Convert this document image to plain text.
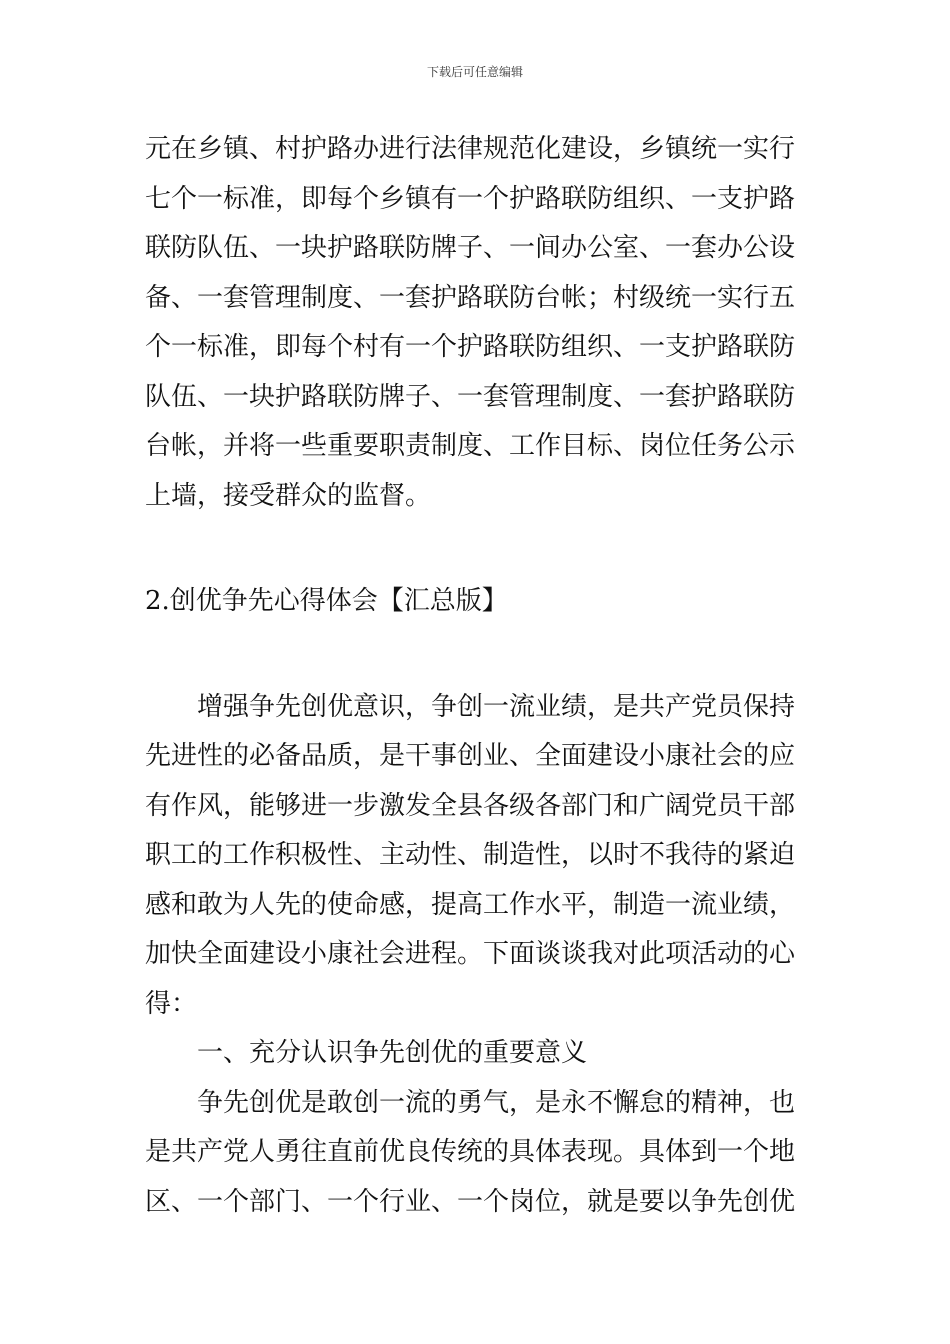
下载后可任意编辑
元在乡镇、村护路办进行法律规范化建设，乡镇统一实行
七个一标准，即每个乡镇有一个护路联防组织、一支护路
联防队伍、一块护路联防牌子、一间办公室、一套办公设
备、一套管理制度、一套护路联防台帐；村级统一实行五
个一标准，即每个村有一个护路联防组织、一支护路联防
队伍、一块护路联防牌子、一套管理制度、一套护路联防
台帐，并将一些重要职责制度、工作目标、岗位任务公示
上墙，接受群众的监督。
2.创优争先心得体会【汇总版】
增强争先创优意识，争创一流业绩，是共产党员保持
先进性的必备品质，是干事创业、全面建设小康社会的应
有作风，能够进一步激发全县各级各部门和广阔党员干部
职工的工作积极性、主动性、制造性，以时不我待的紧迫
感和敢为人先的使命感，提高工作水平，制造一流业绩，
加快全面建设小康社会进程。下面谈谈我对此项活动的心
得：
一、充分认识争先创优的重要意义
争先创优是敢创一流的勇气，是永不懈怠的精神，也
是共产党人勇往直前优良传统的具体表现。具体到一个地
区、一个部门、一个行业、一个岗位，就是要以争先创优
